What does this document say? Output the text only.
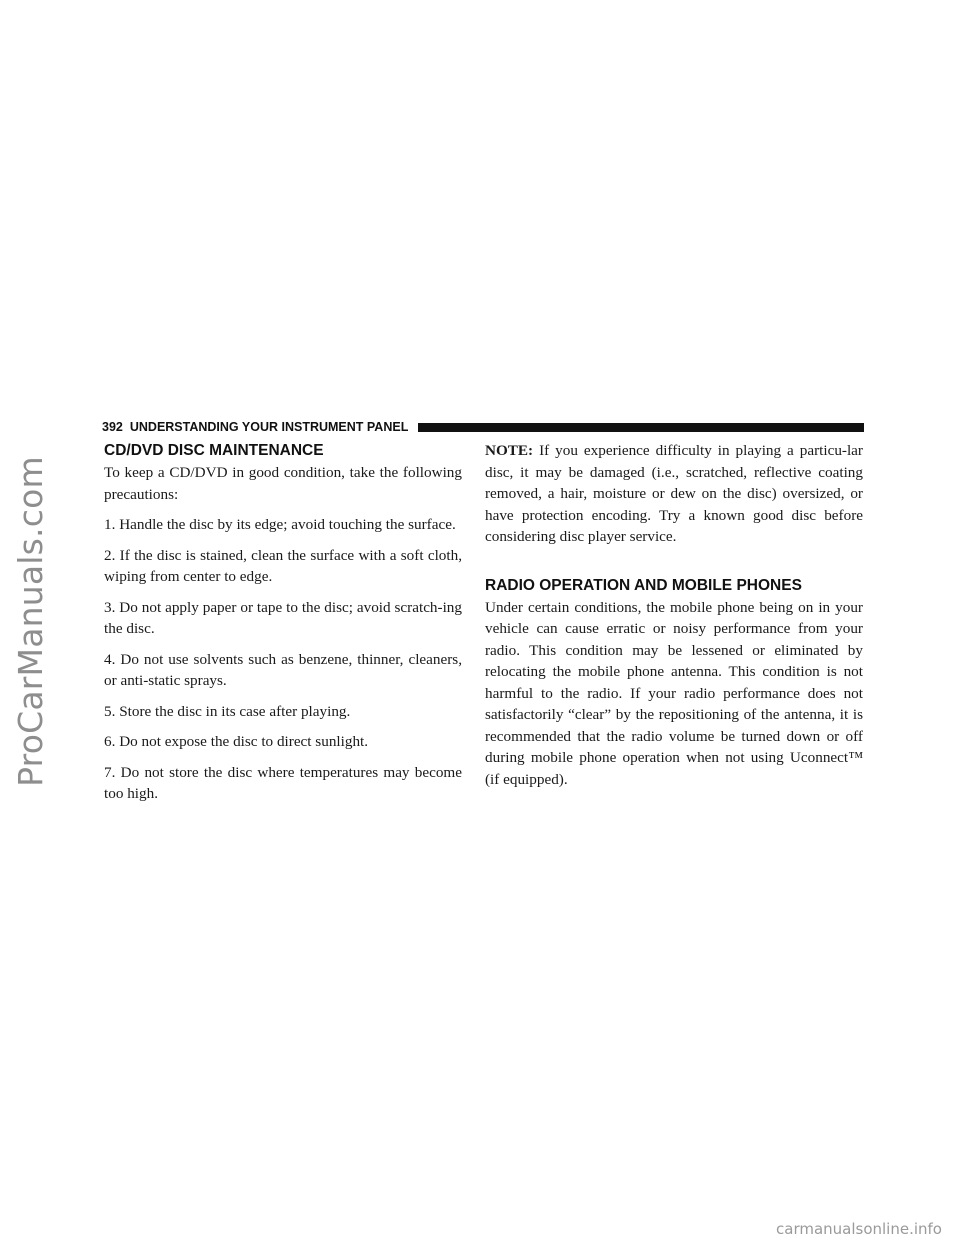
ProCarManuals.com
392 UNDERSTANDING YOUR INSTRUMENT PANEL
CD/DVD DISC MAINTENANCE

To keep a CD/DVD in good condition, take the following precautions:

1. Handle the disc by its edge; avoid touching the surface.

2. If the disc is stained, clean the surface with a soft cloth, wiping from center to edge.

3. Do not apply paper or tape to the disc; avoid scratch-ing the disc.

4. Do not use solvents such as benzene, thinner, cleaners, or anti-static sprays.

5. Store the disc in its case after playing.

6. Do not expose the disc to direct sunlight.

7. Do not store the disc where temperatures may become too high.

NOTE: If you experience difficulty in playing a particu-lar disc, it may be damaged (i.e., scratched, reflective coating removed, a hair, moisture or dew on the disc) oversized, or have protection encoding. Try a known good disc before considering disc player service.

RADIO OPERATION AND MOBILE PHONES

Under certain conditions, the mobile phone being on in your vehicle can cause erratic or noisy performance from your radio. This condition may be lessened or eliminated by relocating the mobile phone antenna. This condition is not harmful to the radio. If your radio performance does not satisfactorily “clear” by the repositioning of the antenna, it is recommended that the radio volume be turned down or off during mobile phone operation when not using Uconnect™ (if equipped).

carmanualsonline.info
